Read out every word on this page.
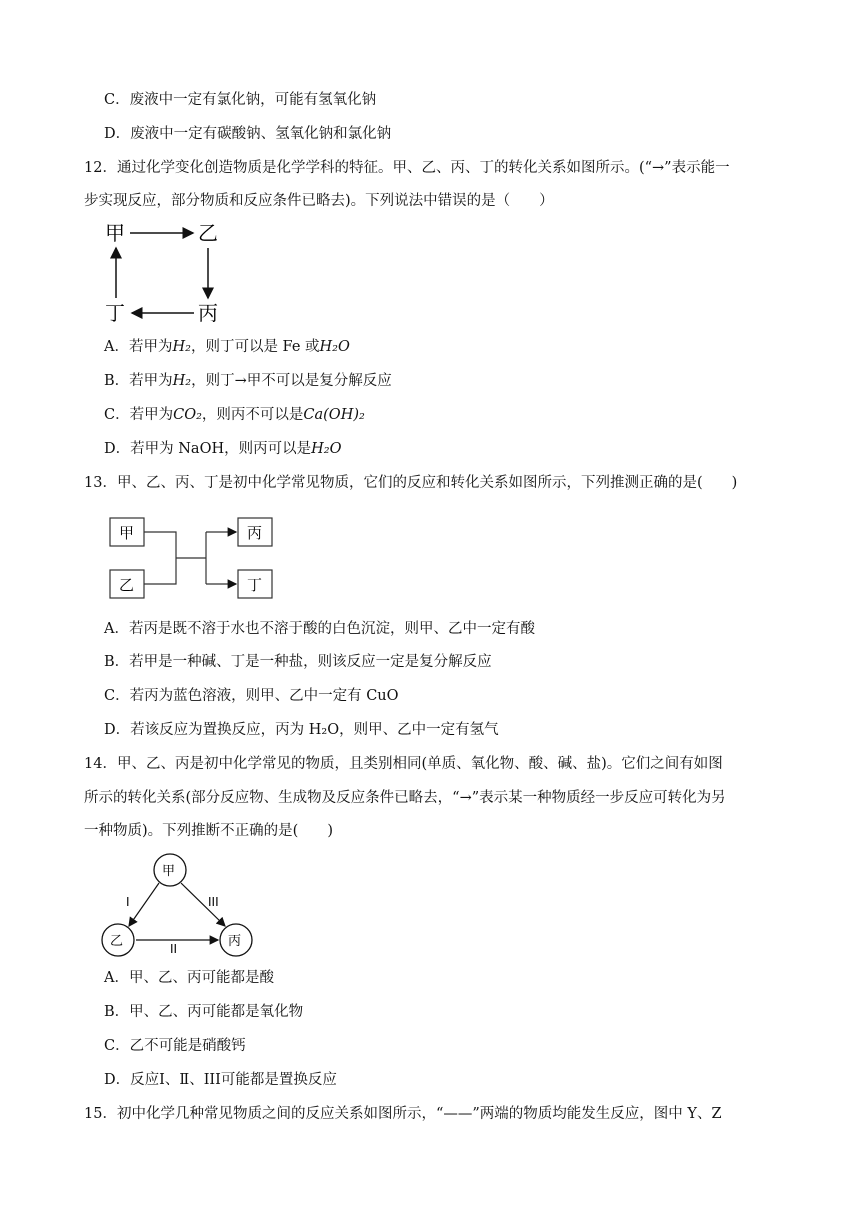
C．废液中一定有氯化钠，可能有氢氧化钠
D．废液中一定有碳酸钠、氢氧化钠和氯化钠
12．通过化学变化创造物质是化学学科的特征。甲、乙、丙、丁的转化关系如图所示。(“→”表示能一
步实现反应，部分物质和反应条件已略去)。下列说法中错误的是（　　）
甲	乙
丁	丙
A．若甲为H₂，则丁可以是 Fe 或H₂O
B．若甲为H₂，则丁→甲不可以是复分解反应
C．若甲为CO₂，则丙不可以是Ca(OH)₂
D．若甲为 NaOH，则丙可以是H₂O
13．甲、乙、丙、丁是初中化学常见物质，它们的反应和转化关系如图所示，下列推测正确的是(　　)
甲
乙
丙
丁
A．若丙是既不溶于水也不溶于酸的白色沉淀，则甲、乙中一定有酸
B．若甲是一种碱、丁是一种盐，则该反应一定是复分解反应
C．若丙为蓝色溶液，则甲、乙中一定有 CuO
D．若该反应为置换反应，丙为 H₂O，则甲、乙中一定有氢气
14．甲、乙、丙是初中化学常见的物质，且类别相同(单质、氧化物、酸、碱、盐)。它们之间有如图
所示的转化关系(部分反应物、生成物及反应条件已略去，“→”表示某一种物质经一步反应可转化为另
一种物质)。下列推断不正确的是(　　)
甲
乙	丙
I
II
III
A．甲、乙、丙可能都是酸
B．甲、乙、丙可能都是氧化物
C．乙不可能是硝酸钙
D．反应Ⅰ、Ⅱ、III可能都是置换反应
15．初中化学几种常见物质之间的反应关系如图所示，“——”两端的物质均能发生反应，图中 Y、Z
